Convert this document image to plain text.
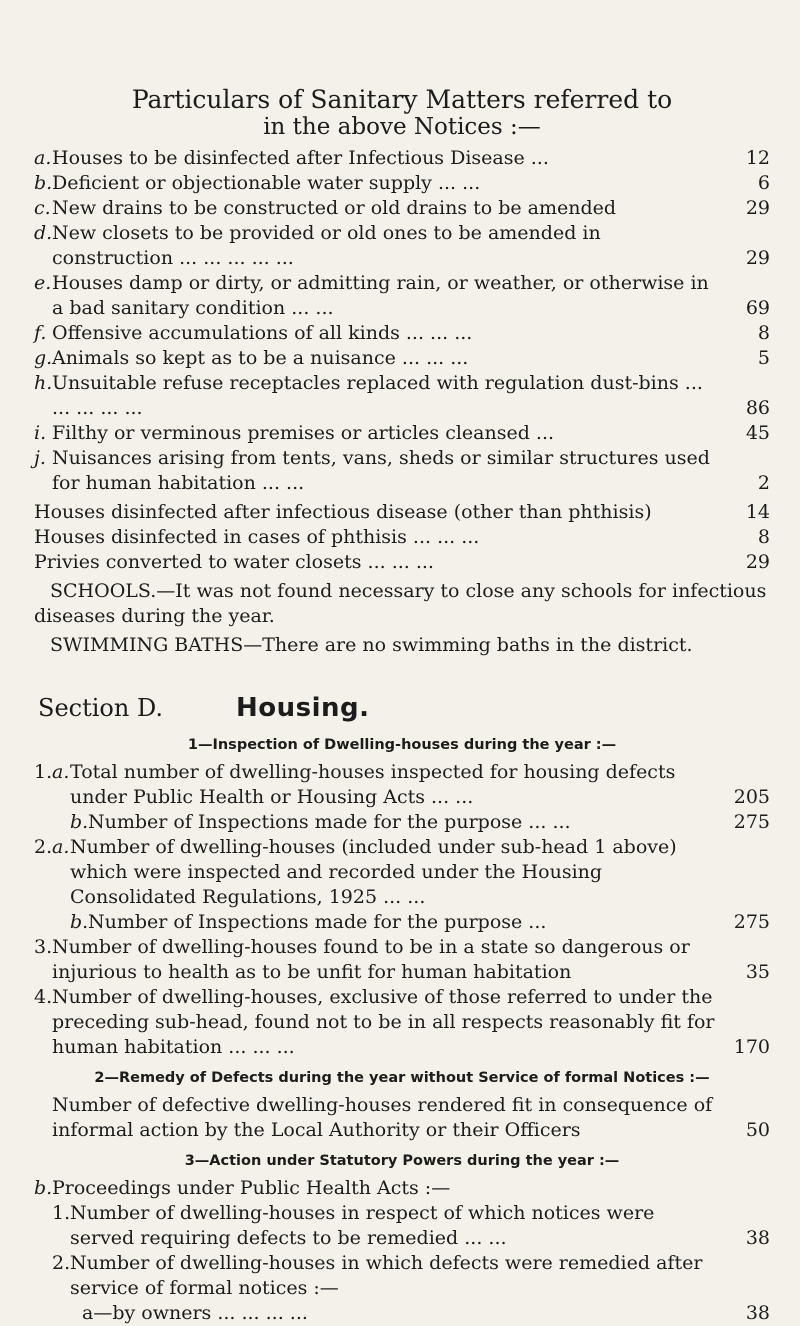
Particulars of Sanitary Matters referred to
in the above Notices :—
a. Houses to be disinfected after Infectious Disease ...	12
b. Deficient or objectionable water supply ... ...	6
c. New drains to be constructed or old drains to be amended	29
d. New closets to be provided or old ones to be amended in construction ... ... ... ... ...	29
e. Houses damp or dirty, or admitting rain, or weather, or otherwise in a bad sanitary condition ... ...	69
f. Offensive accumulations of all kinds ... ... ...	8
g. Animals so kept as to be a nuisance ... ... ...	5
h. Unsuitable refuse receptacles replaced with regulation dust-bins ... ... ... ... ...	86
i. Filthy or verminous premises or articles cleansed ...	45
j. Nuisances arising from tents, vans, sheds or similar structures used for human habitation ... ...	2
Houses disinfected after infectious disease (other than phthisis)	14
Houses disinfected in cases of phthisis ... ... ...	8
Privies converted to water closets ... ... ...	29
SCHOOLS.—It was not found necessary to close any schools for infectious diseases during the year.
SWIMMING BATHS—There are no swimming baths in the district.
Section D.	Housing.
1—Inspection of Dwelling-houses during the year :—
1. a. Total number of dwelling-houses inspected for housing defects under Public Health or Housing Acts ... ...	205
b. Number of Inspections made for the purpose ... ...	275
2. a. Number of dwelling-houses (included under sub-head 1 above) which were inspected and recorded under the Housing Consolidated Regulations, 1925 ... ...
b. Number of Inspections made for the purpose ...	275
3. Number of dwelling-houses found to be in a state so dangerous or injurious to health as to be unfit for human habitation	35
4. Number of dwelling-houses, exclusive of those referred to under the preceding sub-head, found not to be in all respects reasonably fit for human habitation ... ... ...	170
2—Remedy of Defects during the year without Service of formal Notices :—
Number of defective dwelling-houses rendered fit in consequence of informal action by the Local Authority or their Officers	50
3—Action under Statutory Powers during the year :—
b. Proceedings under Public Health Acts :—
1. Number of dwelling-houses in respect of which notices were served requiring defects to be remedied ... ...	38
2. Number of dwelling-houses in which defects were remedied after service of formal notices :—
a—by owners ... ... ... ...	38
